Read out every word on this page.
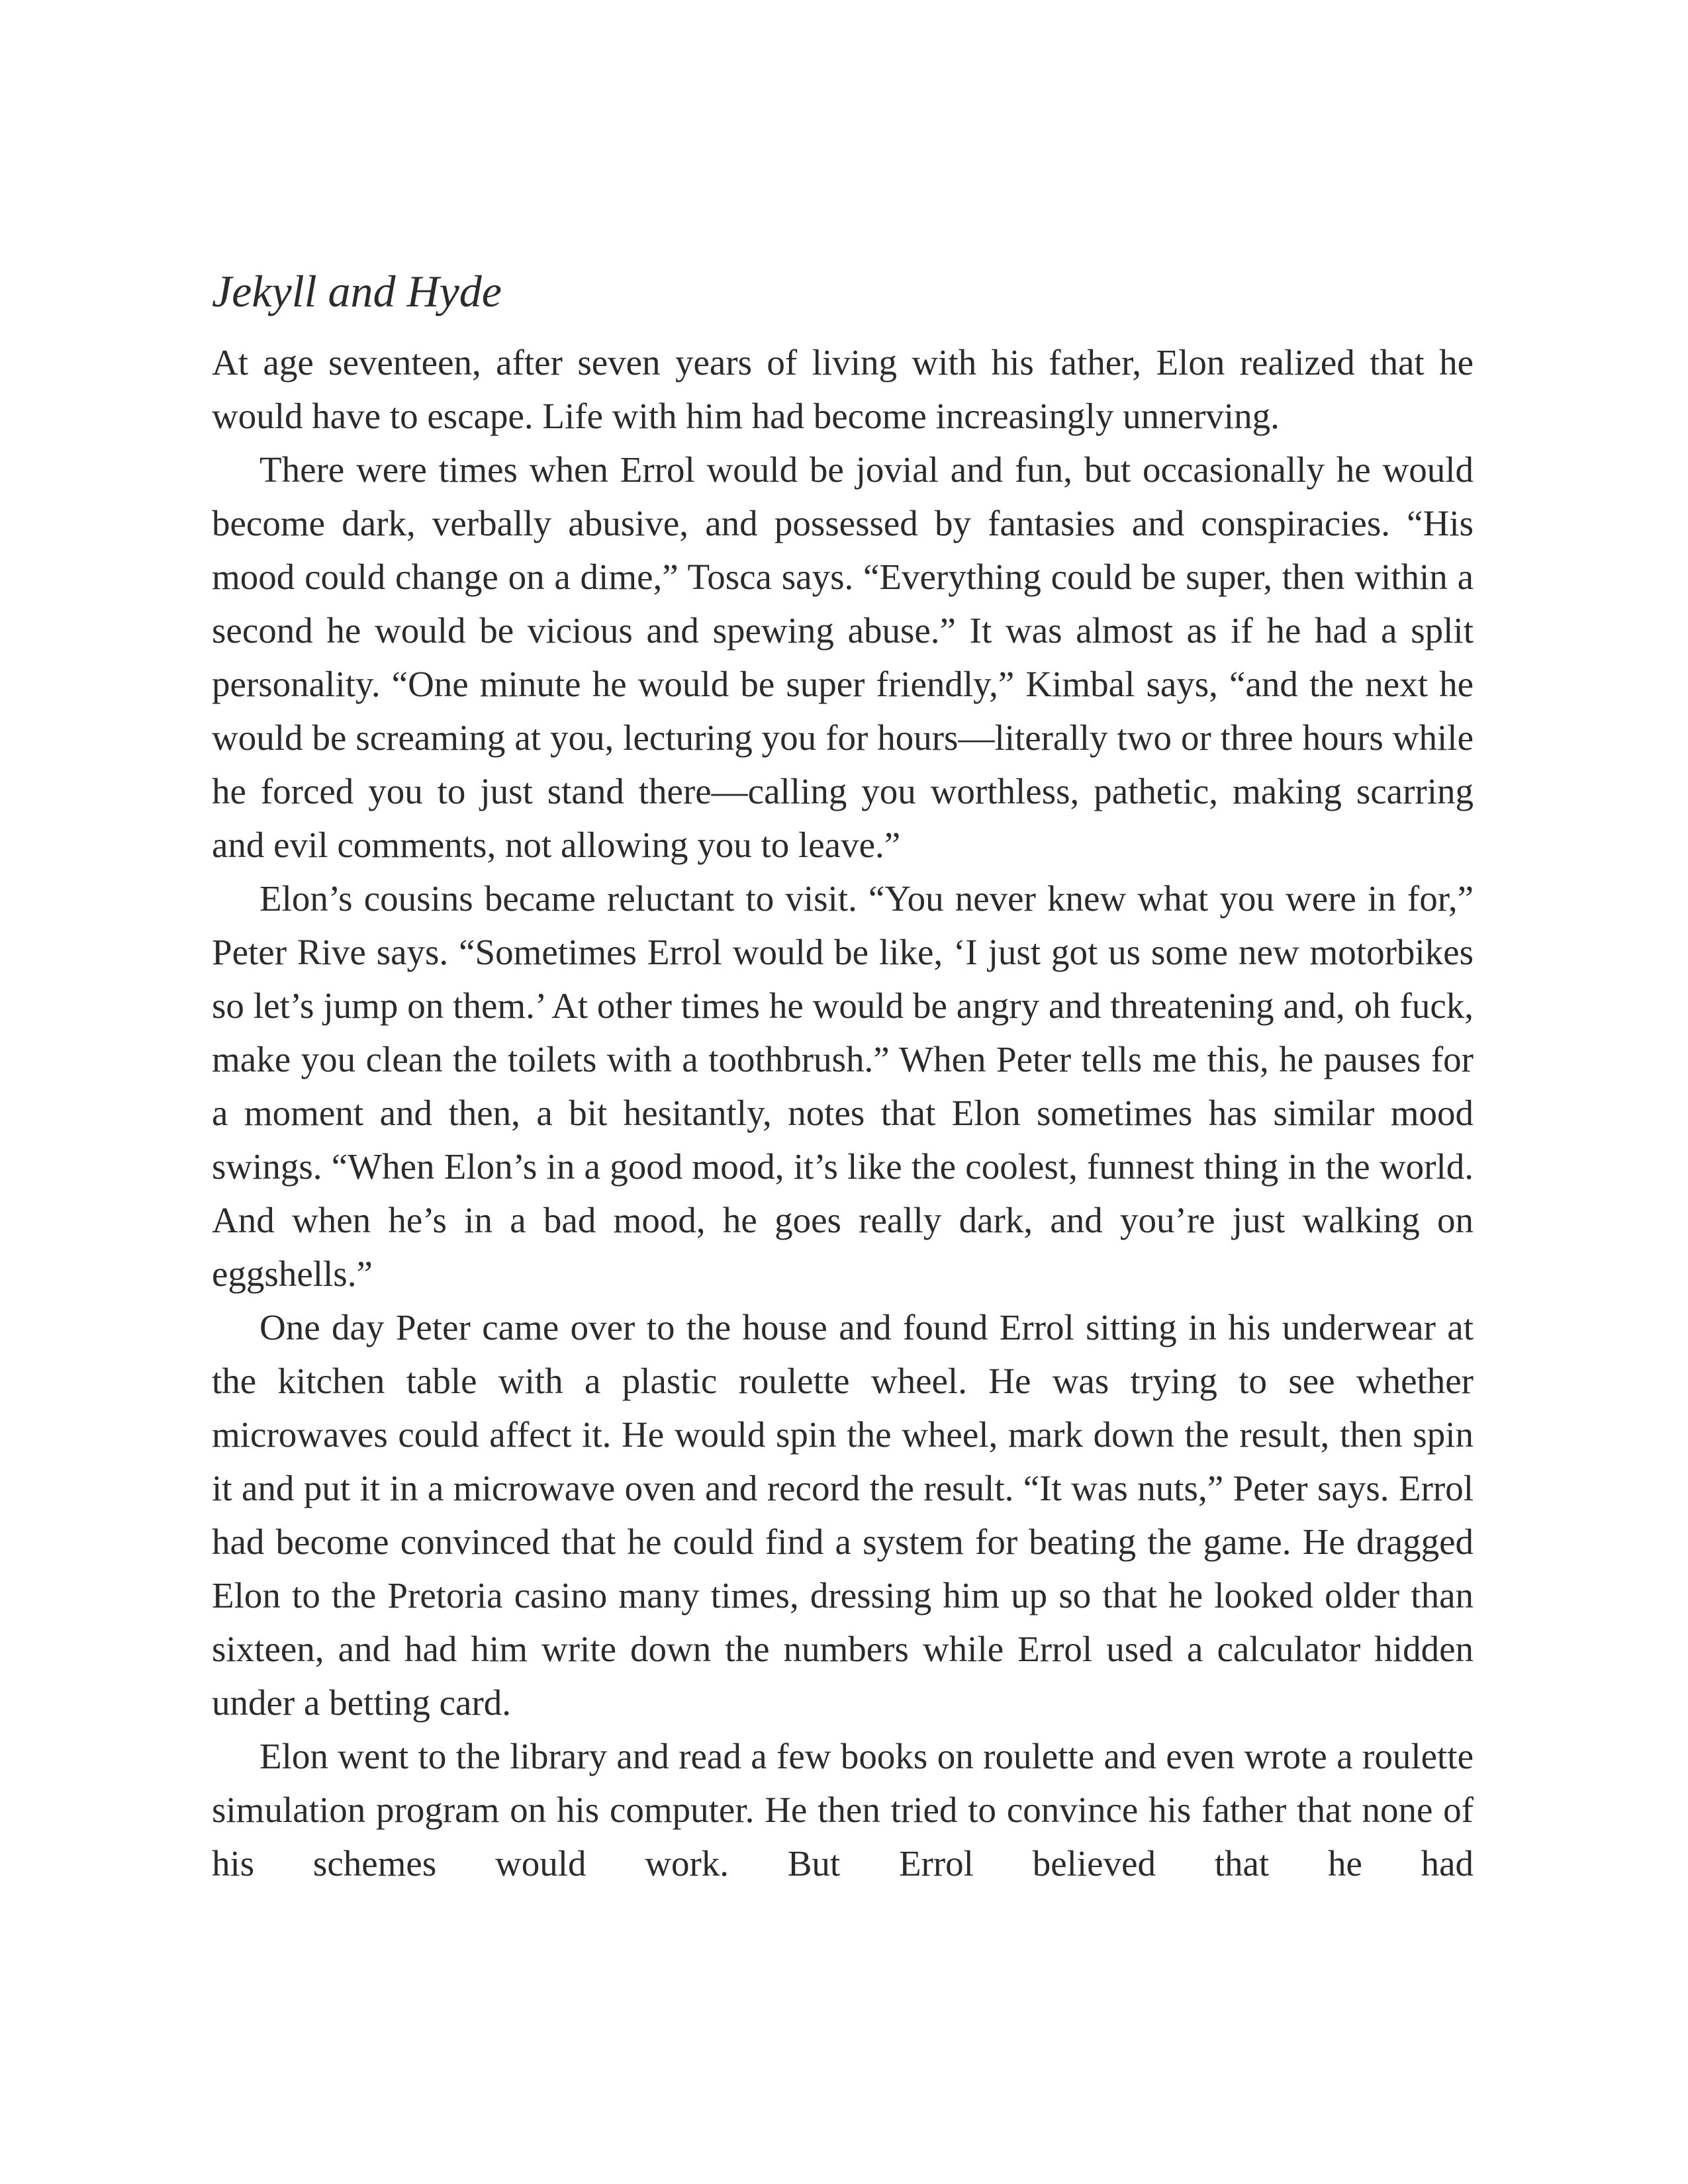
Jekyll and Hyde

At age seventeen, after seven years of living with his father, Elon realized that he would have to escape. Life with him had become increasingly unnerving.

There were times when Errol would be jovial and fun, but occasionally he would become dark, verbally abusive, and possessed by fantasies and conspiracies. “His mood could change on a dime,” Tosca says. “Everything could be super, then within a second he would be vicious and spewing abuse.” It was almost as if he had a split personality. “One minute he would be super friendly,” Kimbal says, “and the next he would be screaming at you, lecturing you for hours—literally two or three hours while he forced you to just stand there—calling you worthless, pathetic, making scarring and evil comments, not allowing you to leave.”

Elon’s cousins became reluctant to visit. “You never knew what you were in for,” Peter Rive says. “Sometimes Errol would be like, ‘I just got us some new motorbikes so let’s jump on them.’ At other times he would be angry and threatening and, oh fuck, make you clean the toilets with a toothbrush.” When Peter tells me this, he pauses for a moment and then, a bit hesitantly, notes that Elon sometimes has similar mood swings. “When Elon’s in a good mood, it’s like the coolest, funnest thing in the world. And when he’s in a bad mood, he goes really dark, and you’re just walking on eggshells.”

One day Peter came over to the house and found Errol sitting in his underwear at the kitchen table with a plastic roulette wheel. He was trying to see whether microwaves could affect it. He would spin the wheel, mark down the result, then spin it and put it in a microwave oven and record the result. “It was nuts,” Peter says. Errol had become convinced that he could find a system for beating the game. He dragged Elon to the Pretoria casino many times, dressing him up so that he looked older than sixteen, and had him write down the numbers while Errol used a calculator hidden under a betting card.

Elon went to the library and read a few books on roulette and even wrote a roulette simulation program on his computer. He then tried to convince his father that none of his schemes would work. But Errol believed that he had
